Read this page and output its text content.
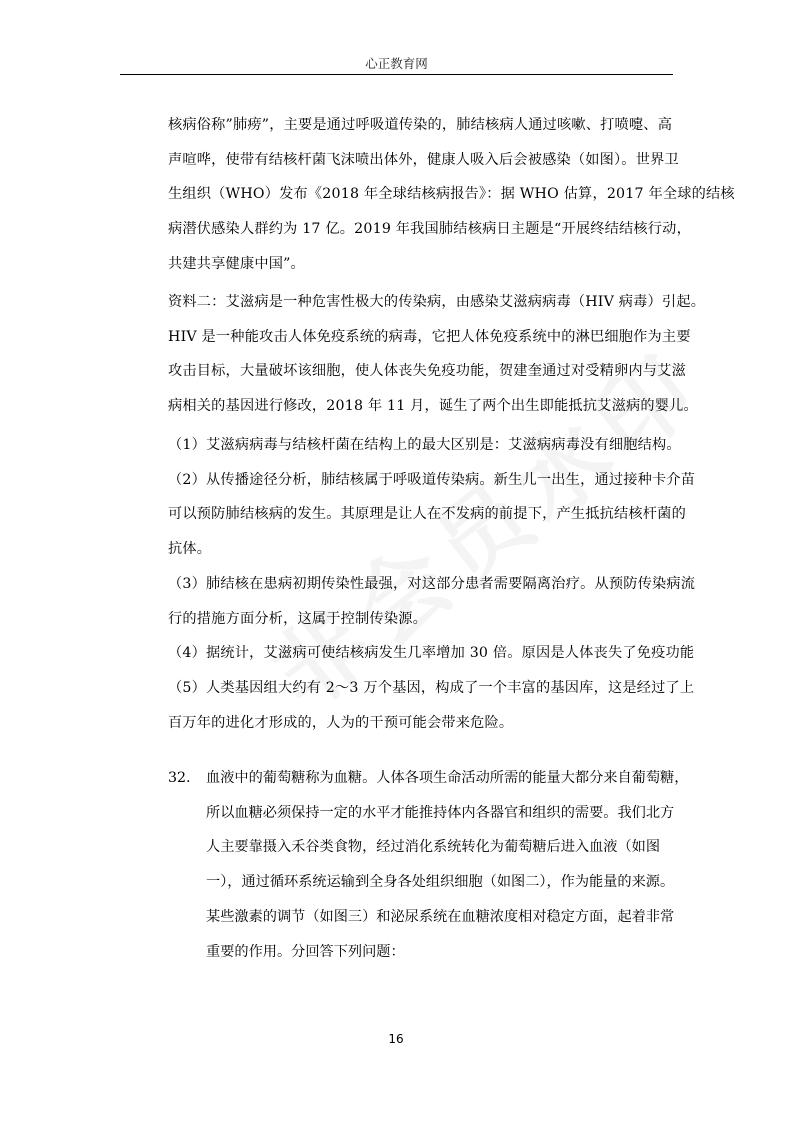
心正教育网
核病俗称”肺痨”，主要是通过呼吸道传染的，肺结核病人通过咳嗽、打喷嚏、高
声喧哗，使带有结核杆菌飞沫喷出体外，健康人吸入后会被感染（如图）。世界卫
生组织（WHO）发布《2018 年全球结核病报告》：据 WHO 估算，2017 年全球的结核
病潜伏感染人群约为 17 亿。2019 年我国肺结核病日主题是“开展终结结核行动，
共建共享健康中国”。
资料二：艾滋病是一种危害性极大的传染病，由感染艾滋病病毒（HIV 病毒）引起。
HIV 是一种能攻击人体免疫系统的病毒，它把人体免疫系统中的淋巴细胞作为主要
攻击目标，大量破坏该细胞，使人体丧失免疫功能，贺建奎通过对受精卵内与艾滋
病相关的基因进行修改，2018 年 11 月，诞生了两个出生即能抵抗艾滋病的婴儿。
（1）艾滋病病毒与结核杆菌在结构上的最大区别是：艾滋病病毒没有细胞结构。
（2）从传播途径分析，肺结核属于呼吸道传染病。新生儿一出生，通过接种卡介苗
可以预防肺结核病的发生。其原理是让人在不发病的前提下，产生抵抗结核杆菌的
抗体。
（3）肺结核在患病初期传染性最强，对这部分患者需要隔离治疗。从预防传染病流
行的措施方面分析，这属于控制传染源。
（4）据统计，艾滋病可使结核病发生几率增加 30 倍。原因是人体丧失了免疫功能
（5）人类基因组大约有 2～3 万个基因，构成了一个丰富的基因库，这是经过了上
百万年的进化才形成的，人为的干预可能会带来危险。
32. 血液中的葡萄糖称为血糖。人体各项生命活动所需的能量大都分来自葡萄糖，
所以血糖必须保持一定的水平才能推持体内各器官和组织的需要。我们北方
人主要靠摄入禾谷类食物，经过消化系统转化为葡萄糖后进入血液（如图
一），通过循环系统运输到全身各处组织细胞（如图二），作为能量的来源。
某些激素的调节（如图三）和泌尿系统在血糖浓度相对稳定方面，起着非常
重要的作用。分回答下列问题：
16
